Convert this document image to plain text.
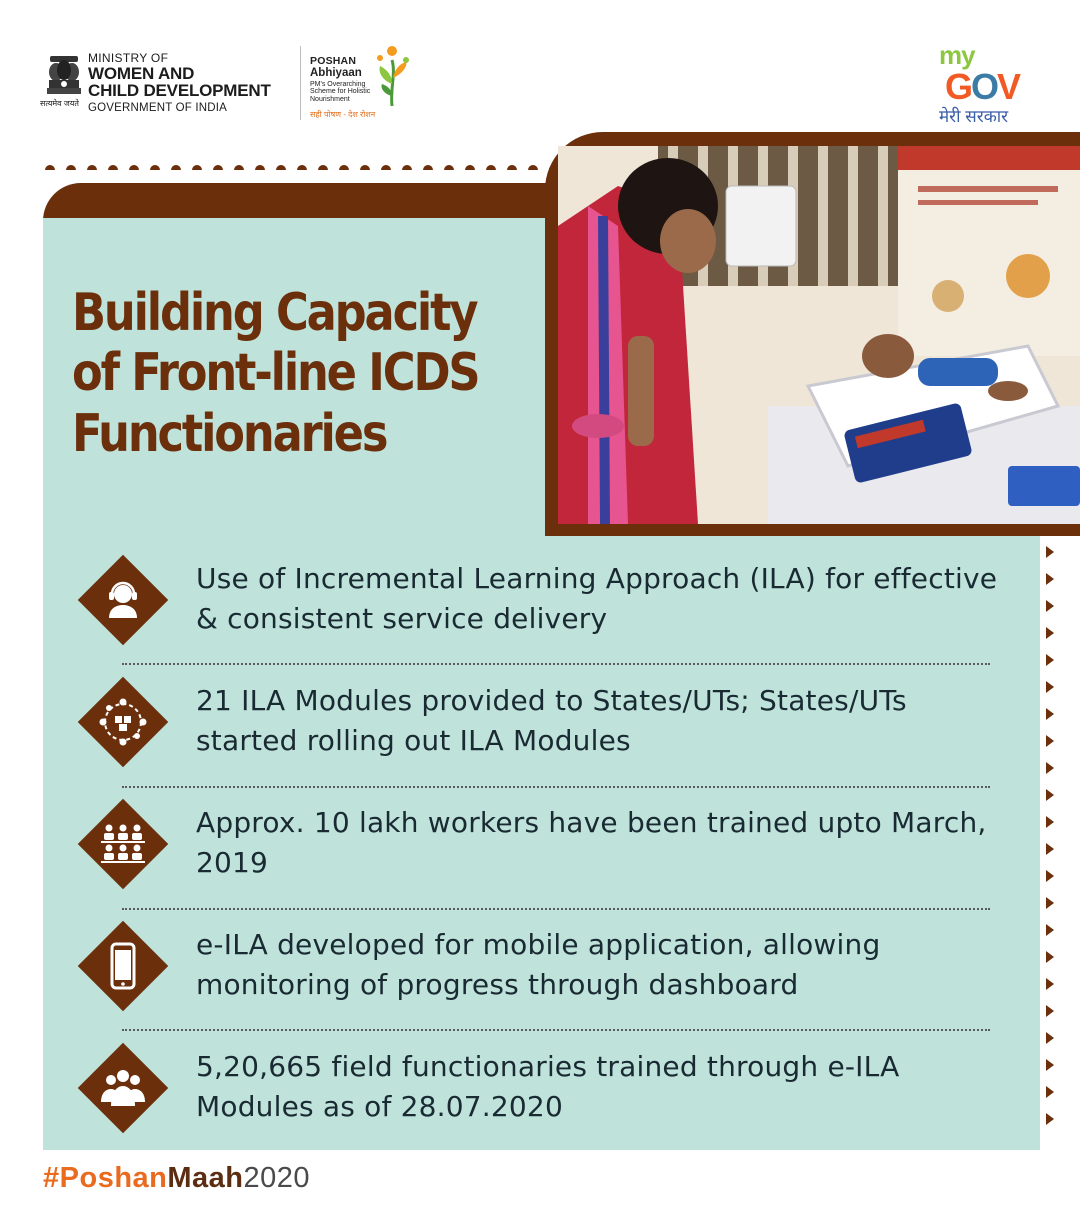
सत्यमेव जयते
MINISTRY OF
WOMEN AND
CHILD DEVELOPMENT
GOVERNMENT OF INDIA
POSHAN
Abhiyaan
PM's Overarching Scheme for Holistic Nourishment
सही पोषण - देश रोशन
my
GOV
मेरी सरकार
Building Capacity of Front-line ICDS Functionaries

Use of Incremental Learning Approach (ILA) for effective & consistent service delivery

21 ILA Modules provided to States/UTs; States/UTs started rolling out ILA Modules

Approx. 10 lakh workers have been trained upto March, 2019

e-ILA developed for mobile application, allowing monitoring of progress through dashboard

5,20,665 field functionaries trained through e-ILA Modules as of 28.07.2020

#PoshanMaah2020
